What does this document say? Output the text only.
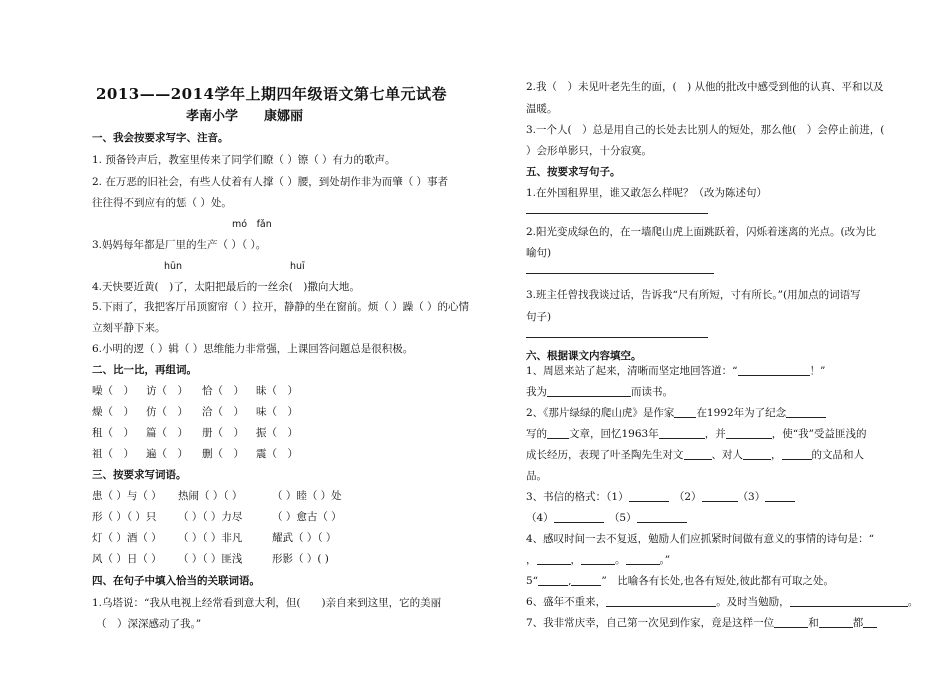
2013——2014学年上期四年级语文第七单元试卷
孝南小学　　康娜丽
一、我会按要求写字、注音。
1. 预备铃声后，教室里传来了同学们瞭（ ）镲（ ）有力的歌声。
2. 在万恶的旧社会，有些人仗着有人撑（ ）腰，到处胡作非为而肇（ ）事者
往往得不到应有的惩（ ）处。
mó　fǎn
3.妈妈每年都是厂里的生产（ ）（ ）。
hūn	huī
4.天快要近黄(　)了，太阳把最后的一丝余(　)撒向大地。
5.下雨了，我把客厅吊顶窗帘（ ）拉开，静静的坐在窗前。烦（ ）躁（ ）的心情
立刻平静下来。
6.小明的逻（ ）辑（ ）思维能力非常强，上课回答问题总是很积极。
二、比一比，再组词。
噪（　） 访（　） 恰（　） 昧（　）
燥（　） 仿（　） 洽（　） 味（　）
租（　） 篇（　） 册（　） 振（　）
祖（　） 遍（　） 删（　） 震（　）
三、按要求写词语。
患（ ）与（ ） 热闹（ ）（ ）	（ ）睦（ ）处
形（ ）（ ）只 （ ）（ ）力尽	（ ）愈古（ ）
灯（ ）酒（ ） （ ）（ ）非凡	耀武（ ）（ ）
风（ ）日（ ） （ ）（ ）匪浅	形影（ ）( )
四、在句子中填入恰当的关联词语。
1.乌塔说：“我从电视上经常看到意大利，但(　　)亲自来到这里，它的美丽
（　）深深感动了我。”
2.我（　）未见叶老先生的面，(　) 从他的批改中感受到他的认真、平和以及
温暖。
3.一个人(　）总是用自己的长处去比别人的短处，那么他(　）会停止前进，(
）会形单影只，十分寂寞。
五、按要求写句子。
1.在外国租界里，谁又敢怎么样呢？（改为陈述句）
2.阳光变成绿色的，在一墙爬山虎上面跳跃着，闪烁着迷离的光点。(改为比
喻句)
3.班主任曾找我谈过话，告诉我“尺有所短，寸有所长。”(用加点的词语写
句子)
六、根据课文内容填空。
1、周恩来站了起来，清晰而坚定地回答道：“	！”
我为	而读书。
2、《那片绿绿的爬山虎》是作家 在1992年为了纪念
写的 文章，回忆1963年	，并	，使“我”受益匪浅的
成长经历，表现了叶圣陶先生对文	、对人	，	的文品和人
品。
3、书信的格式：（1）　	（2）	（3）
（4）　	（5）
4、感叹时间一去不复返，勉励人们应抓紧时间做有意义的事情的诗句是：“
，	，	。	。”
5“	,	”　比喻各有长处,也各有短处,彼此都有可取之处。
6、盛年不重来，	。及时当勉励，	。
7、我非常庆幸，自己第一次见到作家，竟是这样一位	和	都
